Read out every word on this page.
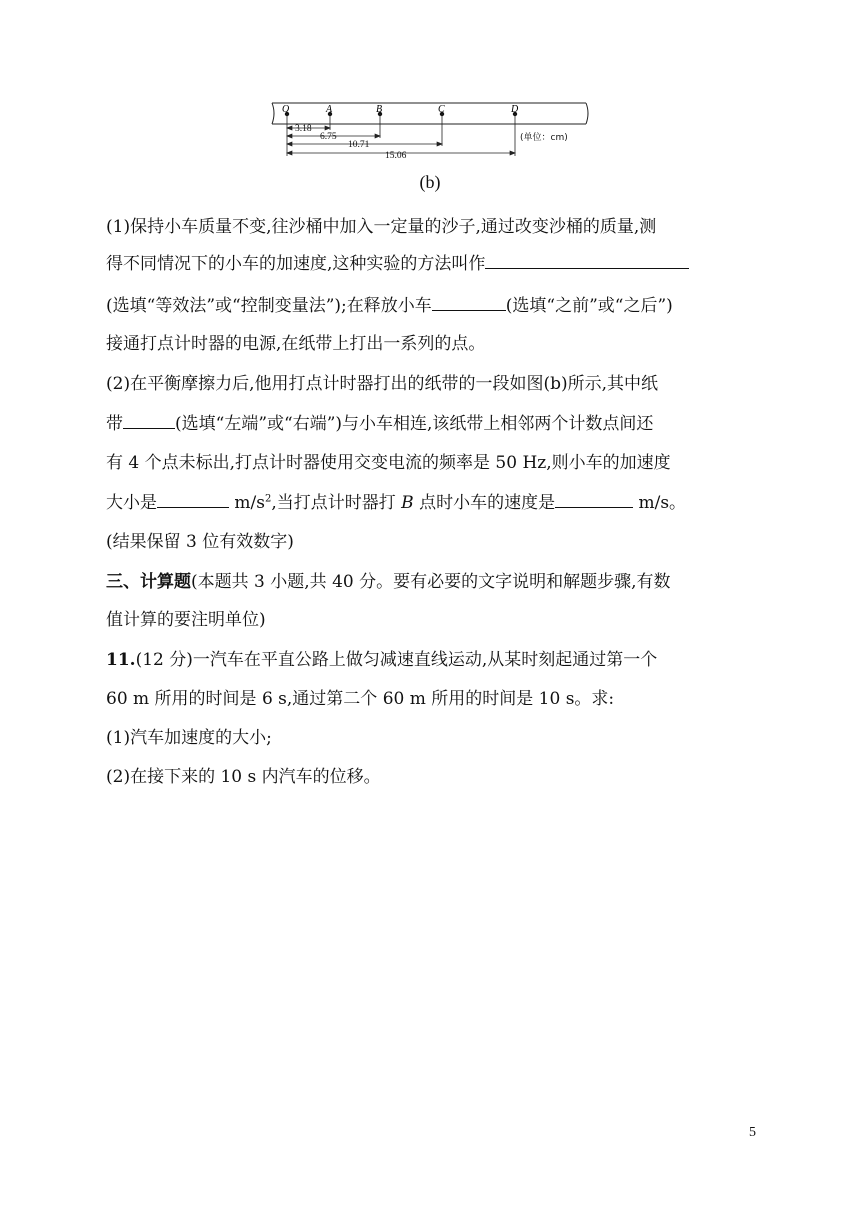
O	A	B	C	D
3.18
6.75
10.71
15.06
(单位：cm)
(b)
(1)保持小车质量不变,往沙桶中加入一定量的沙子,通过改变沙桶的质量,测
得不同情况下的小车的加速度,这种实验的方法叫作
(选填“等效法”或“控制变量法”);在释放小车	(选填“之前”或“之后”)
接通打点计时器的电源,在纸带上打出一系列的点。
(2)在平衡摩擦力后,他用打点计时器打出的纸带的一段如图(b)所示,其中纸
带	(选填“左端”或“右端”)与小车相连,该纸带上相邻两个计数点间还
有 4 个点未标出,打点计时器使用交变电流的频率是 50 Hz,则小车的加速度
大小是	$m/s^2$,当打点计时器打 B 点时小车的速度是	m/s。
(结果保留 3 位有效数字)
三、计算题(本题共 3 小题,共 40 分。要有必要的文字说明和解题步骤,有数
值计算的要注明单位)
11.(12 分)一汽车在平直公路上做匀减速直线运动,从某时刻起通过第一个
60 m 所用的时间是 6 s,通过第二个 60 m 所用的时间是 10 s。求:
(1)汽车加速度的大小;
(2)在接下来的 10 s 内汽车的位移。
5
